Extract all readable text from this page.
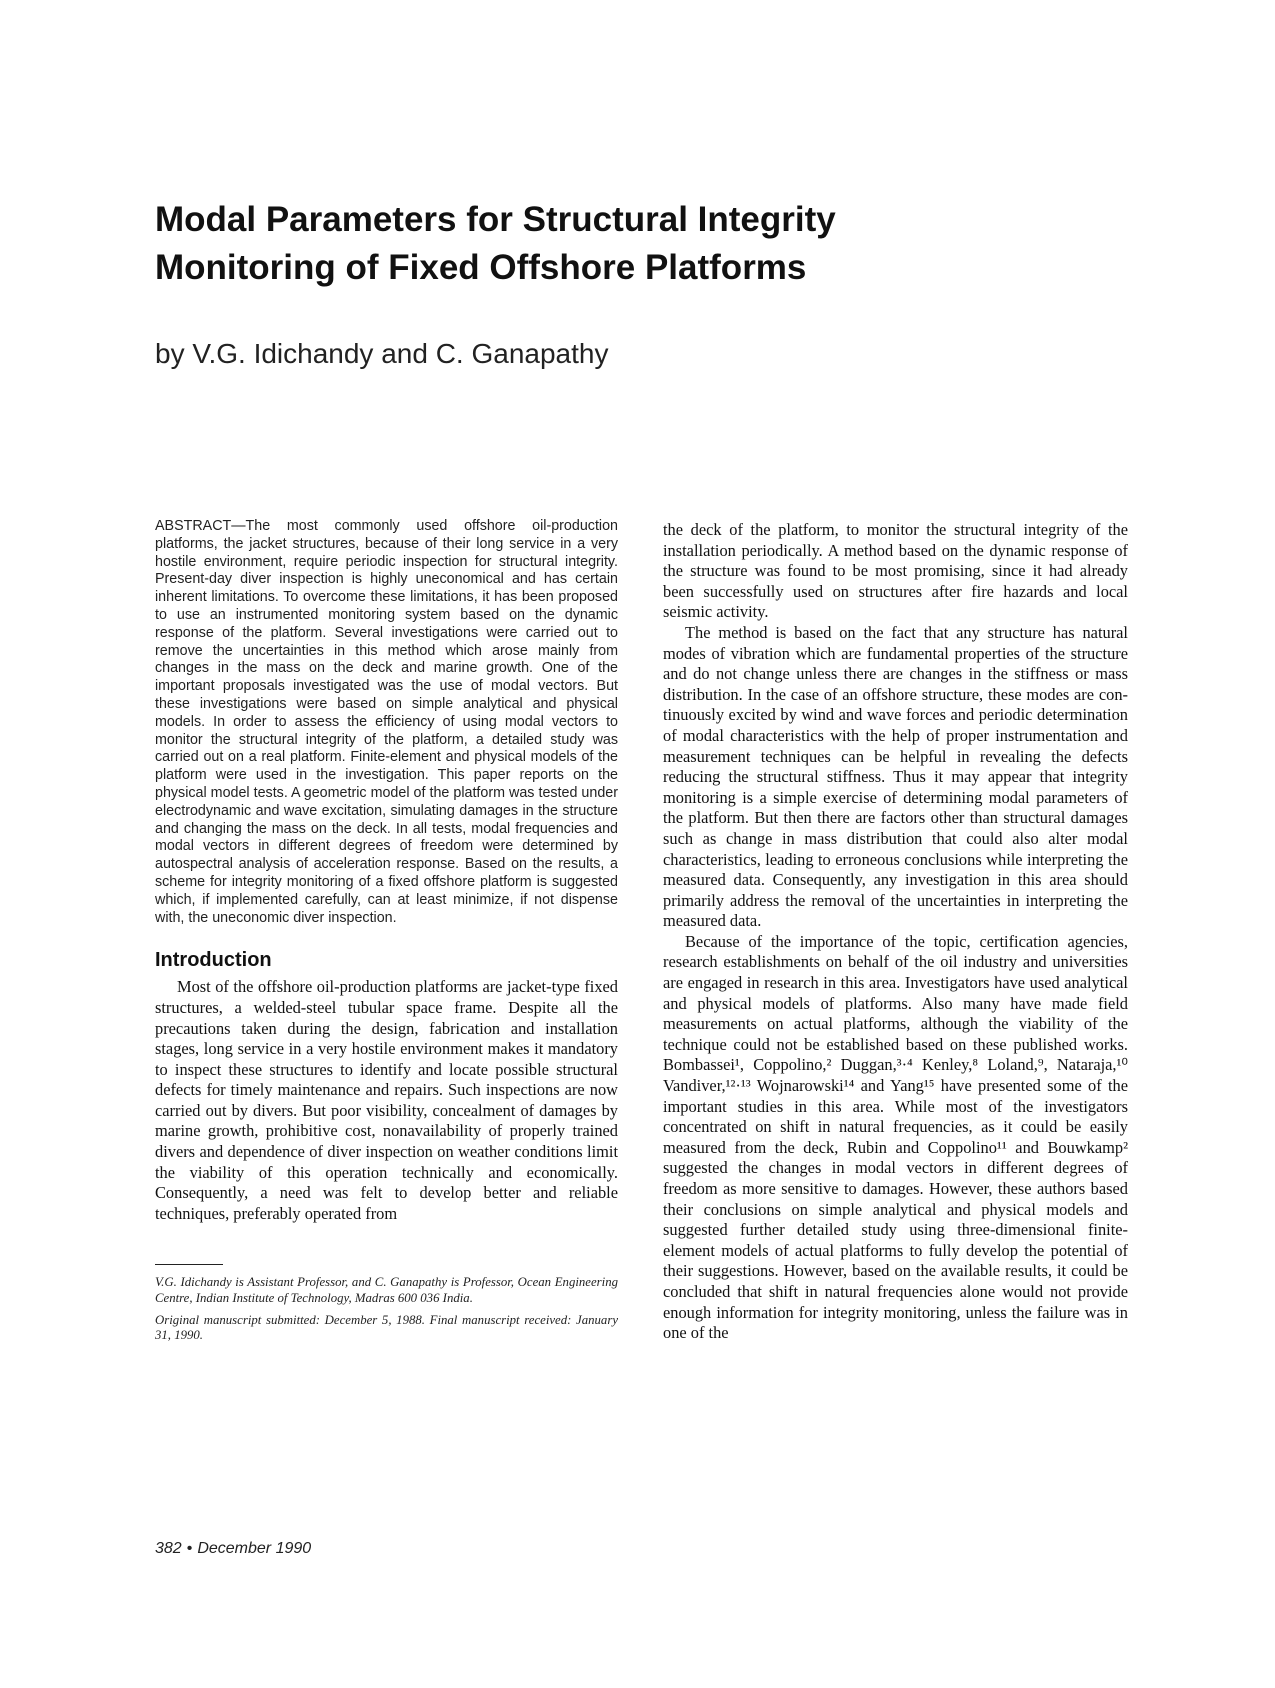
Modal Parameters for Structural Integrity
Monitoring of Fixed Offshore Platforms
by V.G. Idichandy and C. Ganapathy

ABSTRACT—The most commonly used offshore oil-production platforms, the jacket structures, because of their long service in a very hostile environment, require periodic inspection for structural integrity. Present-day diver inspection is highly uneconomical and has certain inherent limitations. To overcome these limitations, it has been proposed to use an instrumented monitoring system based on the dynamic response of the platform. Several investigations were carried out to remove the uncertainties in this method which arose mainly from changes in the mass on the deck and marine growth. One of the important proposals investigated was the use of modal vectors. But these investigations were based on simple analytical and physical models. In order to assess the efficiency of using modal vectors to monitor the structural integrity of the platform, a detailed study was carried out on a real platform. Finite-element and physical models of the platform were used in the investigation. This paper reports on the physical model tests. A geometric model of the platform was tested under electrodynamic and wave excitation, simulating damages in the structure and changing the mass on the deck. In all tests, modal frequencies and modal vectors in different degrees of freedom were determined by autospectral analysis of acceleration response. Based on the results, a scheme for integrity monitoring of a fixed offshore platform is suggested which, if implemented carefully, can at least minimize, if not dispense with, the uneconomic diver inspection.

Introduction

Most of the offshore oil-production platforms are jacket-type fixed structures, a welded-steel tubular space frame. Despite all the precautions taken during the design, fabrication and installation stages, long service in a very hostile environment makes it mandatory to inspect these structures to identify and locate possible structural defects for timely maintenance and repairs. Such inspections are now carried out by divers. But poor visibility, concealment of damages by marine growth, prohibitive cost, nonavailability of properly trained divers and dependence of diver inspection on weather conditions limit the viability of this operation technically and economically. Consequently, a need was felt to develop better and reliable techniques, preferably operated from

V.G. Idichandy is Assistant Professor, and C. Ganapathy is Professor, Ocean Engineering Centre, Indian Institute of Technology, Madras 600 036 India.

Original manuscript submitted: December 5, 1988. Final manuscript received: January 31, 1990.

the deck of the platform, to monitor the structural integrity of the installation periodically. A method based on the dynamic response of the structure was found to be most promising, since it had already been successfully used on structures after fire hazards and local seismic activity.

The method is based on the fact that any structure has natural modes of vibration which are fundamental properties of the structure and do not change unless there are changes in the stiffness or mass distribution. In the case of an offshore structure, these modes are continuously excited by wind and wave forces and periodic determination of modal characteristics with the help of proper instrumentation and measurement techniques can be helpful in revealing the defects reducing the structural stiffness. Thus it may appear that integrity monitoring is a simple exercise of determining modal parameters of the platform. But then there are factors other than structural damages such as change in mass distribution that could also alter modal characteristics, leading to erroneous conclusions while interpreting the measured data. Consequently, any investigation in this area should primarily address the removal of the uncertainties in interpreting the measured data.

Because of the importance of the topic, certification agencies, research establishments on behalf of the oil industry and universities are engaged in research in this area. Investigators have used analytical and physical models of platforms. Also many have made field measurements on actual platforms, although the viability of the technique could not be established based on these published works. Bombassei¹, Coppolino,² Duggan,³·⁴ Kenley,⁸ Loland,⁹, Nataraja,¹⁰ Vandiver,¹²·¹³ Wojnarowski¹⁴ and Yang¹⁵ have presented some of the important studies in this area. While most of the investigators concentrated on shift in natural frequencies, as it could be easily measured from the deck, Rubin and Coppolino¹¹ and Bouwkamp² suggested the changes in modal vectors in different degrees of freedom as more sensitive to damages. However, these authors based their conclusions on simple analytical and physical models and suggested further detailed study using three-dimensional finite-element models of actual platforms to fully develop the potential of their suggestions. However, based on the available results, it could be concluded that shift in natural frequencies alone would not provide enough information for integrity monitoring, unless the failure was in one of the

382 • December 1990
